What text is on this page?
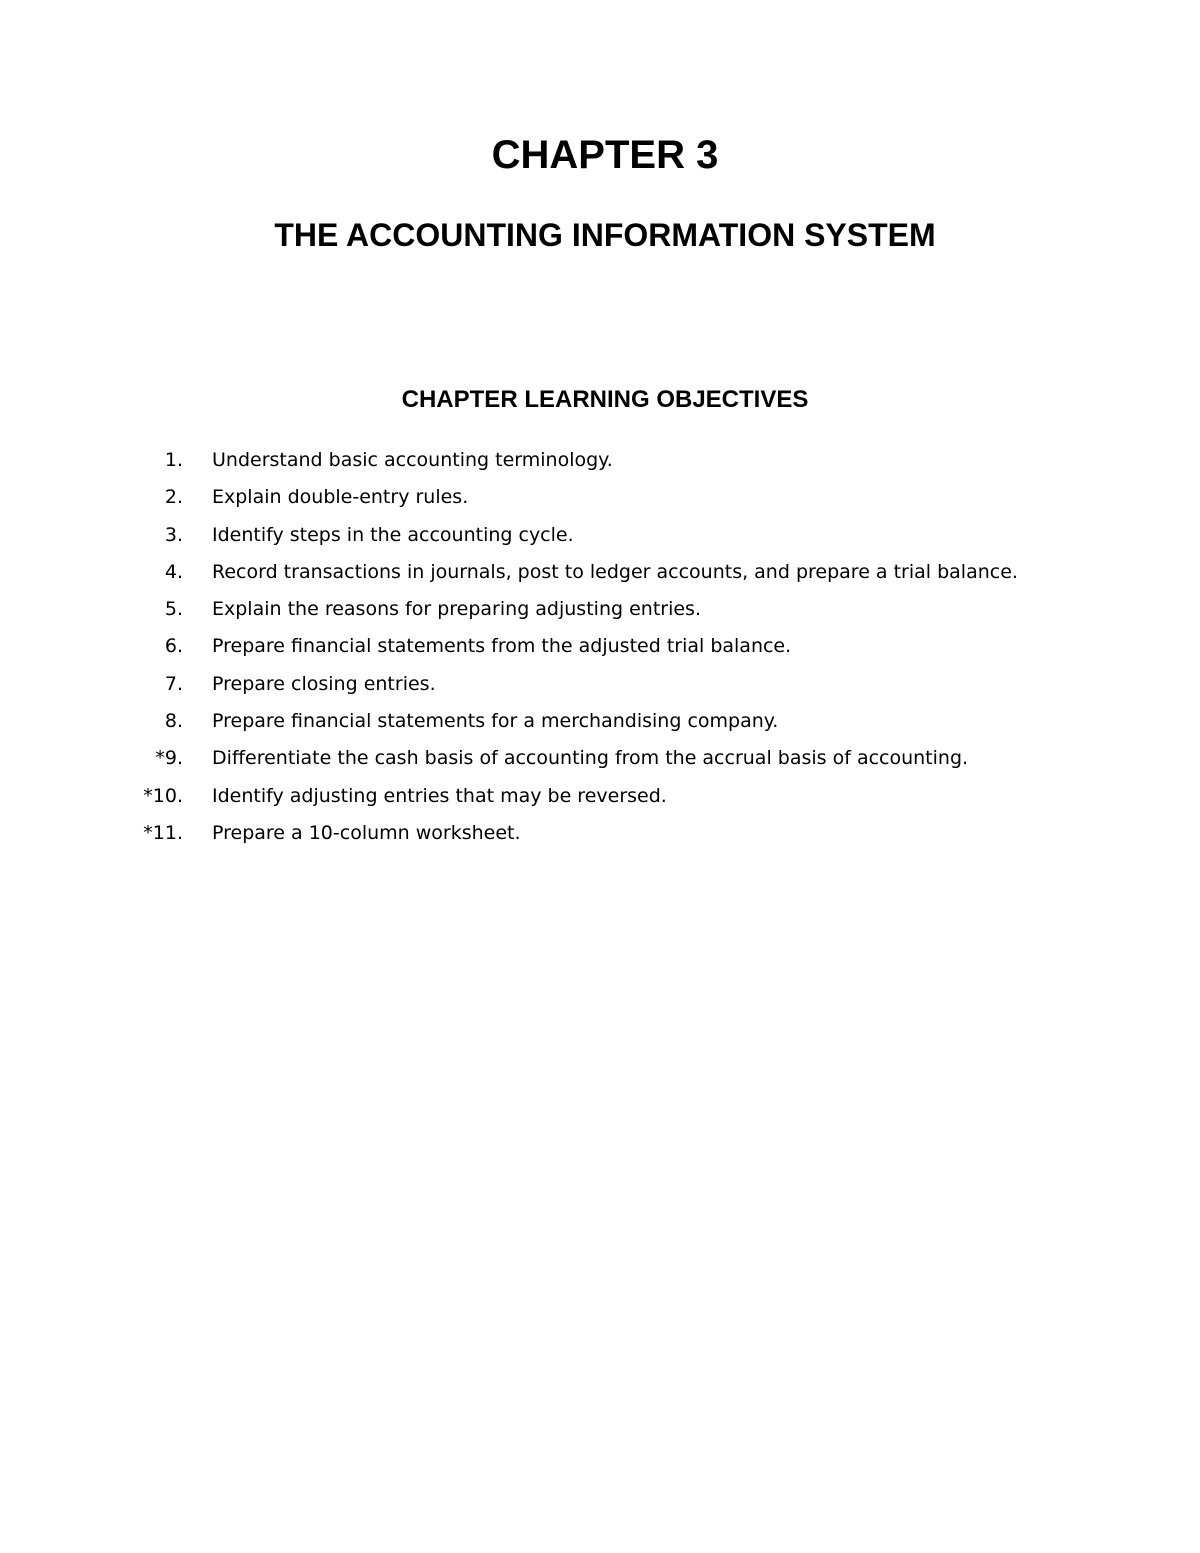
CHAPTER 3
THE ACCOUNTING INFORMATION SYSTEM
CHAPTER LEARNING OBJECTIVES
1. Understand basic accounting terminology.
2. Explain double-entry rules.
3. Identify steps in the accounting cycle.
4. Record transactions in journals, post to ledger accounts, and prepare a trial balance.
5. Explain the reasons for preparing adjusting entries.
6. Prepare financial statements from the adjusted trial balance.
7. Prepare closing entries.
8. Prepare financial statements for a merchandising company.
*9. Differentiate the cash basis of accounting from the accrual basis of accounting.
*10. Identify adjusting entries that may be reversed.
*11. Prepare a 10-column worksheet.
